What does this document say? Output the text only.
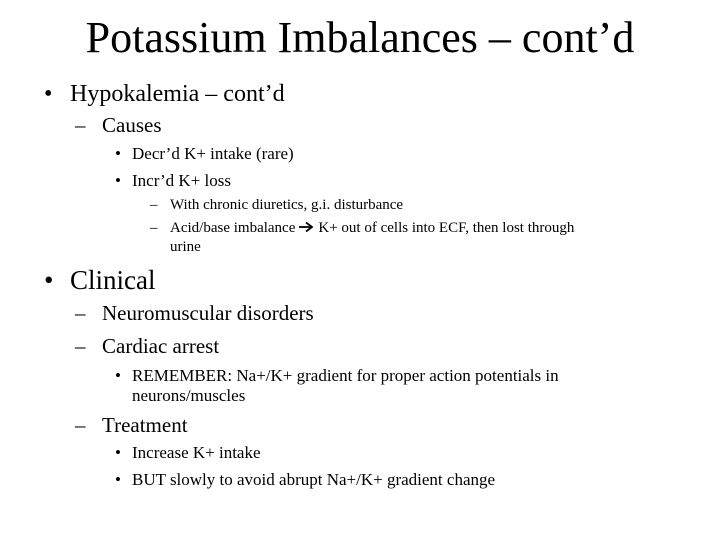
Potassium Imbalances – cont’d
• Hypokalemia – cont’d
– Causes
• Decr’d K+ intake (rare)
• Incr’d K+ loss
– With chronic diuretics, g.i. disturbance
– Acid/base imbalance K+ out of cells into ECF, then lost through
urine
• Clinical
– Neuromuscular disorders
– Cardiac arrest
• REMEMBER: Na+/K+ gradient for proper action potentials in
neurons/muscles
– Treatment
• Increase K+ intake
• BUT slowly to avoid abrupt Na+/K+ gradient change
